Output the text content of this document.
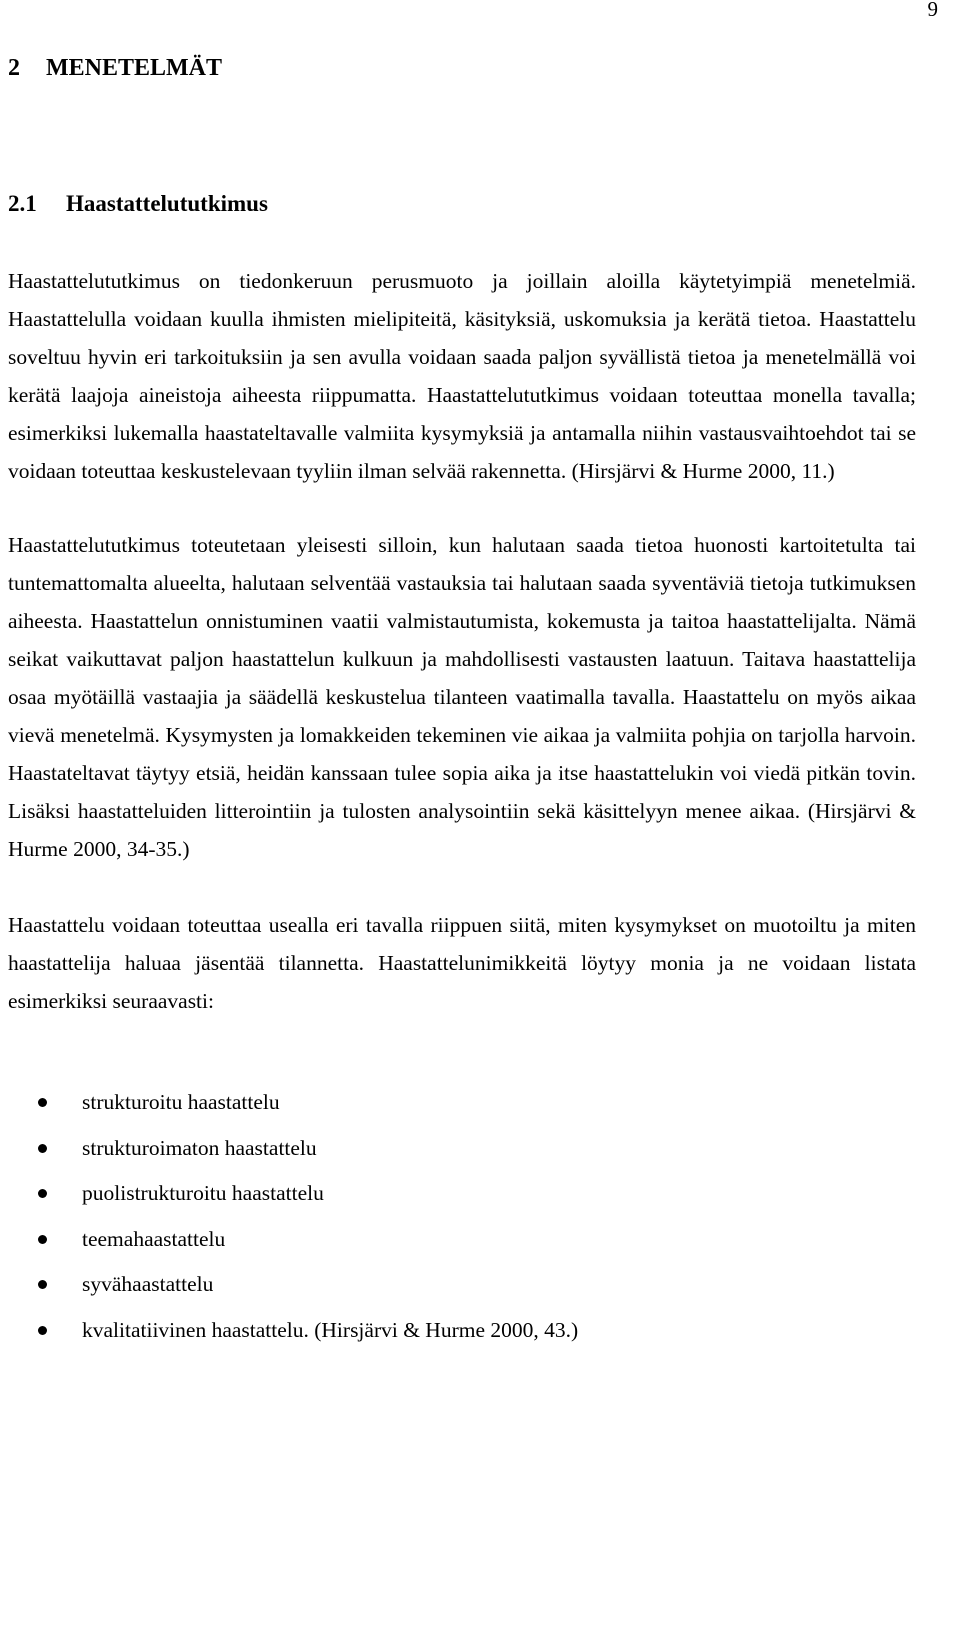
9
2 MENETELMÄT
2.1 Haastattelututkimus

Haastattelututkimus on tiedonkeruun perusmuoto ja joillain aloilla käytetyimpiä menetelmiä. Haastattelulla voidaan kuulla ihmisten mielipiteitä, käsityksiä, uskomuksia ja kerätä tietoa. Haastattelu soveltuu hyvin eri tarkoituksiin ja sen avulla voidaan saada paljon syvällistä tietoa ja menetelmällä voi kerätä laajoja aineistoja aiheesta riippumatta. Haastattelututkimus voidaan toteuttaa monella tavalla; esimerkiksi lukemalla haastateltavalle valmiita kysymyksiä ja antamalla niihin vastausvaihtoehdot tai se voidaan toteuttaa keskustelevaan tyyliin ilman selvää rakennetta. (Hirsjärvi & Hurme 2000, 11.)

Haastattelututkimus toteutetaan yleisesti silloin, kun halutaan saada tietoa huonosti kartoitetulta tai tuntemattomalta alueelta, halutaan selventää vastauksia tai halutaan saada syventäviä tietoja tutkimuksen aiheesta. Haastattelun onnistuminen vaatii valmistautumista, kokemusta ja taitoa haastattelijalta. Nämä seikat vaikuttavat paljon haastattelun kulkuun ja mahdollisesti vastausten laatuun. Taitava haastattelija osaa myötäillä vastaajia ja säädellä keskustelua tilanteen vaatimalla tavalla. Haastattelu on myös aikaa vievä menetelmä. Kysymysten ja lomakkeiden tekeminen vie aikaa ja valmiita pohjia on tarjolla harvoin. Haastateltavat täytyy etsiä, heidän kanssaan tulee sopia aika ja itse haastattelukin voi viedä pitkän tovin. Lisäksi haastatteluiden litterointiin ja tulosten analysointiin sekä käsittelyyn menee aikaa. (Hirsjärvi & Hurme 2000, 34-35.)

Haastattelu voidaan toteuttaa usealla eri tavalla riippuen siitä, miten kysymykset on muotoiltu ja miten haastattelija haluaa jäsentää tilannetta. Haastattelunimikkeitä löytyy monia ja ne voidaan listata esimerkiksi seuraavasti:

strukturoitu haastattelu
strukturoimaton haastattelu
puolistrukturoitu haastattelu
teemahaastattelu
syvähaastattelu
kvalitatiivinen haastattelu. (Hirsjärvi & Hurme 2000, 43.)
